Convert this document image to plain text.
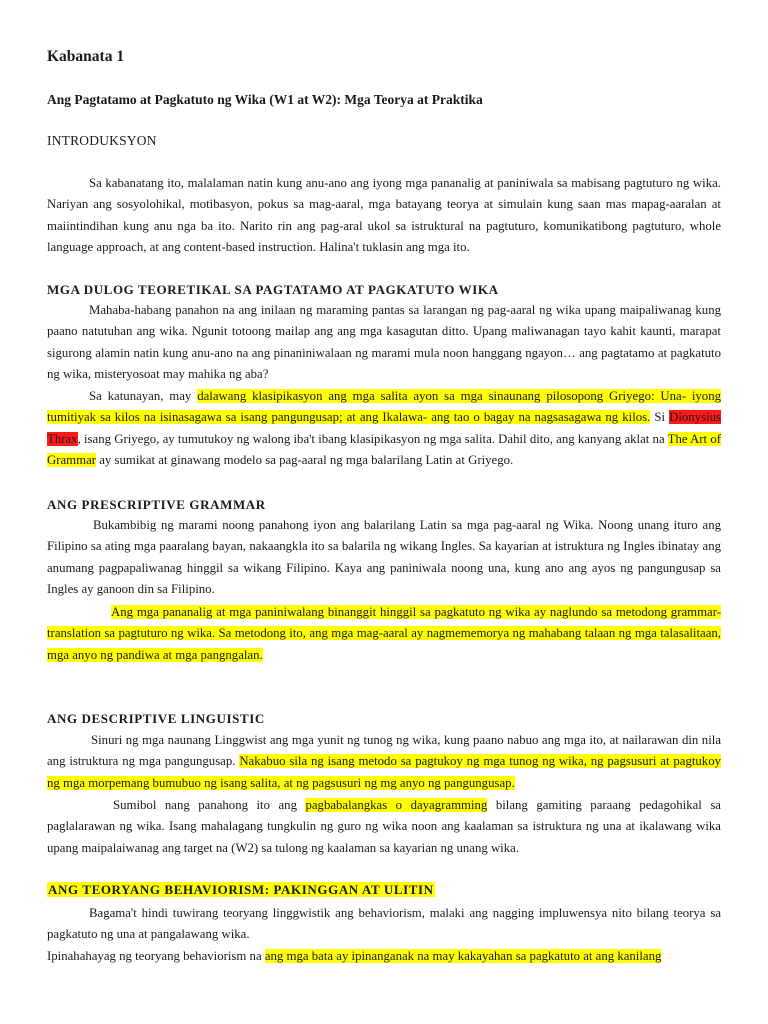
Kabanata 1
Ang Pagtatamo at Pagkatuto ng Wika (W1 at W2): Mga Teorya at Praktika
INTRODUKSYON

Sa kabanatang ito, malalaman natin kung anu-ano ang iyong mga pananalig at paniniwala sa mabisang pagtuturo ng wika. Nariyan ang sosyolohikal, motibasyon, pokus sa mag-aaral, mga batayang teorya at simulain kung saan mas mapag-aaralan at maiintindihan kung anu nga ba ito. Narito rin ang pag-aral ukol sa istruktural na pagtuturo, komunikatibong pagtuturo, whole language approach, at ang content-based instruction. Halina't tuklasin ang mga ito.

MGA DULOG TEORETIKAL SA PAGTATAMO AT PAGKATUTO WIKA

Mahaba-habang panahon na ang inilaan ng maraming pantas sa larangan ng pag-aaral ng wika upang maipaliwanag kung paano natutuhan ang wika. Ngunit totoong mailap ang ang mga kasagutan ditto. Upang maliwanagan tayo kahit kaunti, marapat sigurong alamin natin kung anu-ano na ang pinaniniwalaan ng marami mula noon hanggang ngayon… ang pagtatamo at pagkatuto ng wika, misteryosoat may mahika ng aba?

Sa katunayan, may dalawang klasipikasyon ang mga salita ayon sa mga sinaunang pilosopong Griyego: Una- iyong tumitiyak sa kilos na isinasagawa sa isang pangungusap; at ang Ikalawa- ang tao o bagay na nagsasagawa ng kilos. Si Dionysius Thrax, isang Griyego, ay tumutukoy ng walong iba't ibang klasipikasyon ng mga salita. Dahil dito, ang kanyang aklat na The Art of Grammar ay sumikat at ginawang modelo sa pag-aaral ng mga balarilang Latin at Griyego.

ANG PRESCRIPTIVE GRAMMAR

Bukambibig ng marami noong panahong iyon ang balarilang Latin sa mga pag-aaral ng Wika. Noong unang ituro ang Filipino sa ating mga paaralang bayan, nakaangkla ito sa balarila ng wikang Ingles. Sa kayarian at istruktura ng Ingles ibinatay ang anumang pagpapaliwanag hinggil sa wikang Filipino. Kaya ang paniniwala noong una, kung ano ang ayos ng pangungusap sa Ingles ay ganoon din sa Filipino.

Ang mga pananalig at mga paniniwalang binanggit hinggil sa pagkatuto ng wika ay naglundo sa metodong grammar-translation sa pagtuturo ng wika. Sa metodong ito, ang mga mag-aaral ay nagmememorya ng mahabang talaan ng mga talasalitaan, mga anyo ng pandiwa at mga pangngalan.

ANG DESCRIPTIVE LINGUISTIC

Sinuri ng mga naunang Linggwist ang mga yunit ng tunog ng wika, kung paano nabuo ang mga ito, at nailarawan din nila ang istruktura ng mga pangungusap. Nakabuo sila ng isang metodo sa pagtukoy ng mga tunog ng wika, ng pagsusuri at pagtukoy ng mga morpemang bumubuo ng isang salita, at ng pagsusuri ng mg anyo ng pangungusap.

Sumibol nang panahong ito ang pagbabalangkas o dayagramming bilang gamiting paraang pedagohikal sa paglalarawan ng wika. Isang mahalagang tungkulin ng guro ng wika noon ang kaalaman sa istruktura ng una at ikalawang wika upang maipalaiwanag ang target na (W2) sa tulong ng kaalaman sa kayarian ng unang wika.

ANG TEORYANG BEHAVIORISM: PAKINGGAN AT ULITIN

Bagama't hindi tuwirang teoryang linggwistik ang behaviorism, malaki ang nagging impluwensya nito bilang teorya sa pagkatuto ng una at pangalawang wika.

Ipinahahayag ng teoryang behaviorism na ang mga bata ay ipinanganak na may kakayahan sa pagkatuto at ang kanilang
